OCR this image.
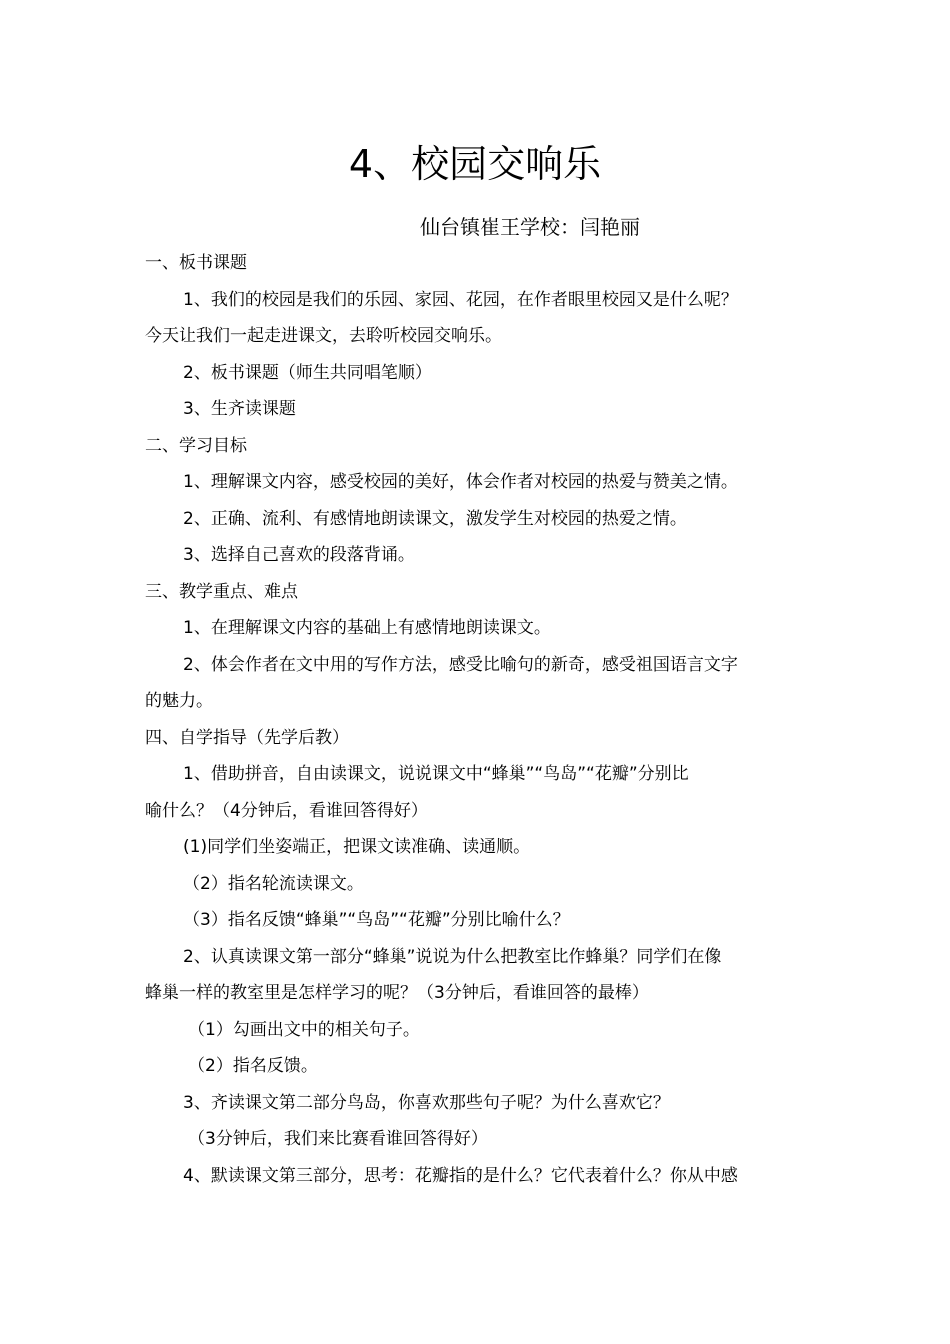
4、校园交响乐
仙台镇崔王学校：闫艳丽
一、板书课题
1、我们的校园是我们的乐园、家园、花园，在作者眼里校园又是什么呢？
今天让我们一起走进课文，去聆听校园交响乐。
2、板书课题（师生共同唱笔顺）
3、生齐读课题
二、学习目标
1、理解课文内容，感受校园的美好，体会作者对校园的热爱与赞美之情。
2、正确、流利、有感情地朗读课文，激发学生对校园的热爱之情。
3、选择自己喜欢的段落背诵。
三、教学重点、难点
1、在理解课文内容的基础上有感情地朗读课文。
2、体会作者在文中用的写作方法，感受比喻句的新奇，感受祖国语言文字
的魅力。
四、自学指导（先学后教）
1、借助拼音，自由读课文，说说课文中“蜂巢”“鸟岛”“花瓣”分别比
喻什么？（4分钟后，看谁回答得好）
(1)同学们坐姿端正，把课文读准确、读通顺。
（2）指名轮流读课文。
（3）指名反馈“蜂巢”“鸟岛”“花瓣”分别比喻什么？
2、认真读课文第一部分“蜂巢”说说为什么把教室比作蜂巢？同学们在像
蜂巢一样的教室里是怎样学习的呢？（3分钟后，看谁回答的最棒）
（1）勾画出文中的相关句子。
（2）指名反馈。
3、齐读课文第二部分鸟岛，你喜欢那些句子呢？为什么喜欢它？
（3分钟后，我们来比赛看谁回答得好）
4、默读课文第三部分，思考：花瓣指的是什么？它代表着什么？你从中感
